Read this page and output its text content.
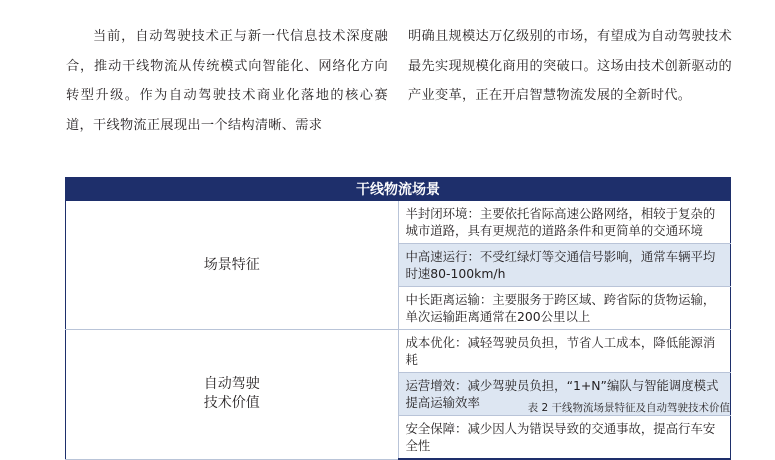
当前，自动驾驶技术正与新一代信息技术深度融合，推动干线物流从传统模式向智能化、网络化方向转型升级。作为自动驾驶技术商业化落地的核心赛道，干线物流正展现出一个结构清晰、需求

明确且规模达万亿级别的市场，有望成为自动驾驶技术最先实现规模化商用的突破口。这场由技术创新驱动的产业变革，正在开启智慧物流发展的全新时代。

干线物流场景	
场景特征	半封闭环境：主要依托省际高速公路网络，相较于复杂的城市道路，具有更规范的道路条件和更简单的交通环境
	中高速运行：不受红绿灯等交通信号影响，通常车辆平均时速80-100km/h
	中长距离运输：主要服务于跨区域、跨省际的货物运输，单次运输距离通常在200公里以上
自动驾驶
技术价值	成本优化：减轻驾驶员负担，节省人工成本，降低能源消耗
	运营增效：减少驾驶员负担，“1+N”编队与智能调度模式提高运输效率
	安全保障：减少因人为错误导致的交通事故，提高行车安全性
表 2 干线物流场景特征及自动驾驶技术价值
